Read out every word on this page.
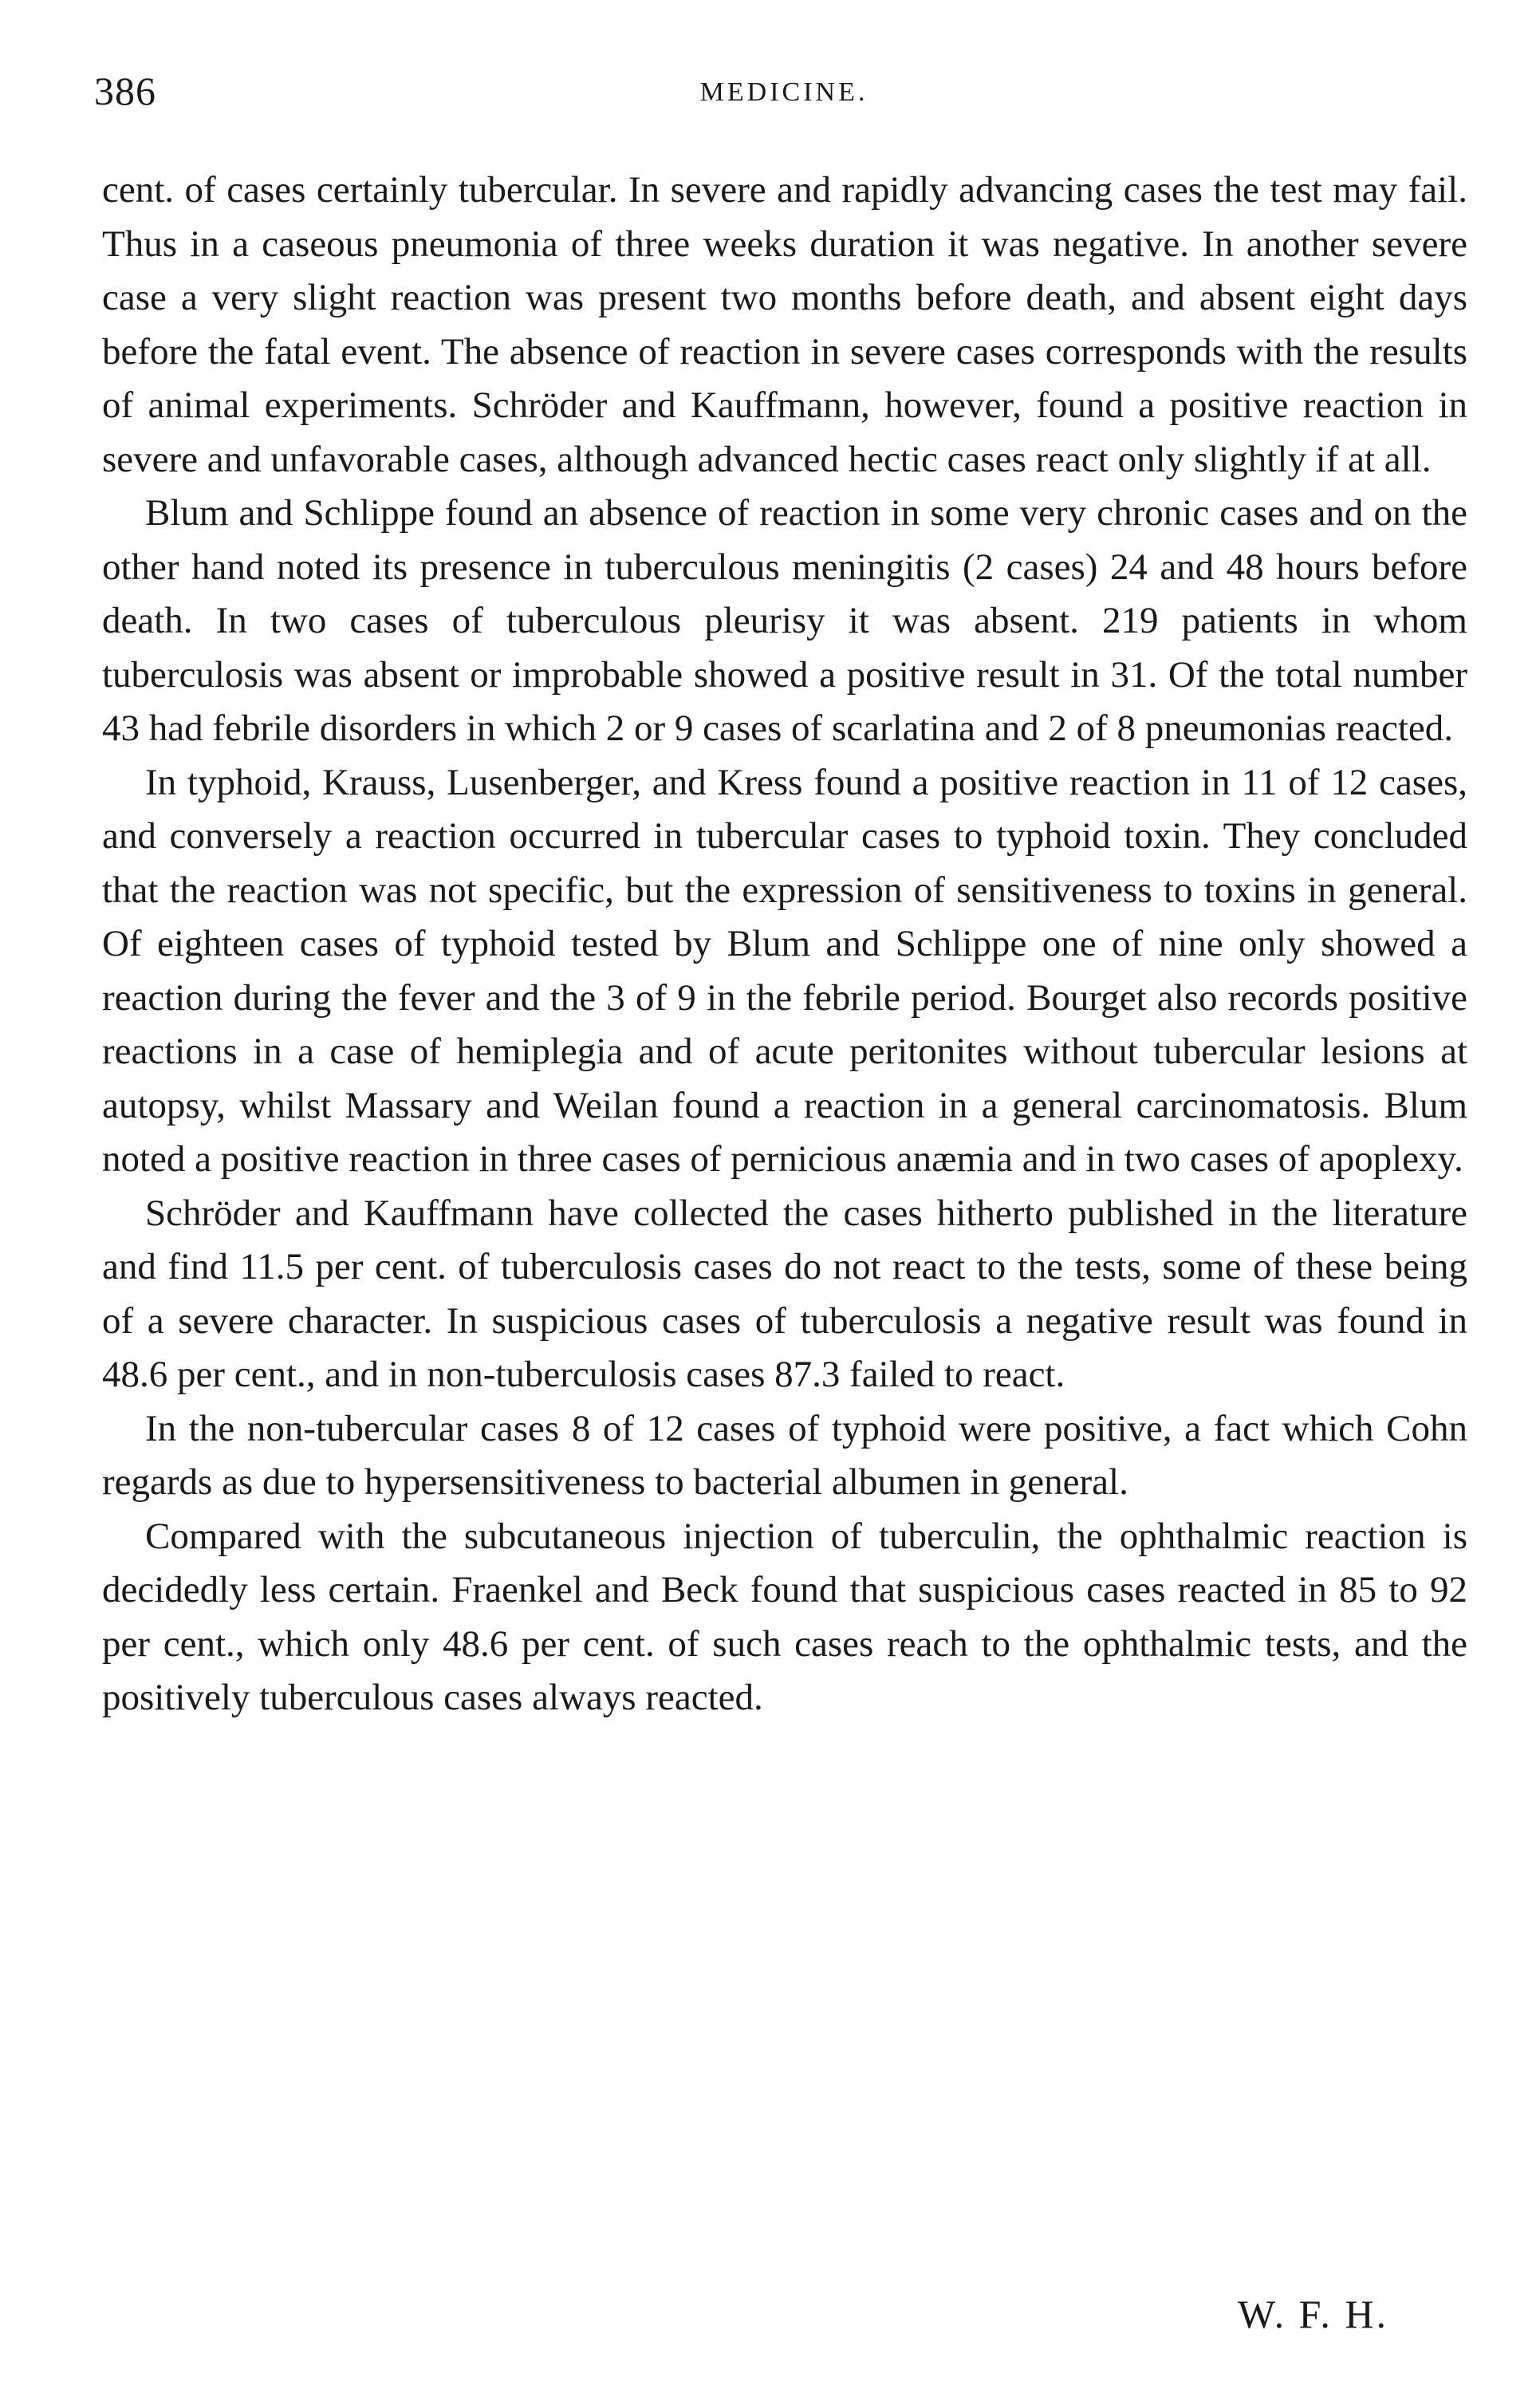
386	MEDICINE.

cent. of cases certainly tubercular. In severe and rapidly advancing cases the test may fail. Thus in a caseous pneumonia of three weeks duration it was negative. In another severe case a very slight reaction was present two months before death, and absent eight days before the fatal event. The absence of reaction in severe cases corresponds with the results of animal experiments. Schröder and Kauffmann, however, found a positive reaction in severe and unfavorable cases, although advanced hectic cases react only slightly if at all.

Blum and Schlippe found an absence of reaction in some very chronic cases and on the other hand noted its presence in tuberculous meningitis (2 cases) 24 and 48 hours before death. In two cases of tuberculous pleurisy it was absent. 219 patients in whom tuberculosis was absent or improbable showed a positive result in 31. Of the total number 43 had febrile disorders in which 2 or 9 cases of scarlatina and 2 of 8 pneumonias reacted.

In typhoid, Krauss, Lusenberger, and Kress found a positive reaction in 11 of 12 cases, and conversely a reaction occurred in tubercular cases to typhoid toxin. They concluded that the reaction was not specific, but the expression of sensitiveness to toxins in general. Of eighteen cases of typhoid tested by Blum and Schlippe one of nine only showed a reaction during the fever and the 3 of 9 in the febrile period. Bourget also records positive reactions in a case of hemiplegia and of acute peritonites without tubercular lesions at autopsy, whilst Massary and Weilan found a reaction in a general carcinomatosis. Blum noted a positive reaction in three cases of pernicious anæmia and in two cases of apoplexy.

Schröder and Kauffmann have collected the cases hitherto published in the literature and find 11.5 per cent. of tuberculosis cases do not react to the tests, some of these being of a severe character. In suspicious cases of tuberculosis a negative result was found in 48.6 per cent., and in non-tuberculosis cases 87.3 failed to react.

In the non-tubercular cases 8 of 12 cases of typhoid were positive, a fact which Cohn regards as due to hypersensitiveness to bacterial albumen in general.

Compared with the subcutaneous injection of tuberculin, the ophthalmic reaction is decidedly less certain. Fraenkel and Beck found that suspicious cases reacted in 85 to 92 per cent., which only 48.6 per cent. of such cases reach to the ophthalmic tests, and the positively tuberculous cases always reacted.

W. F. H.
